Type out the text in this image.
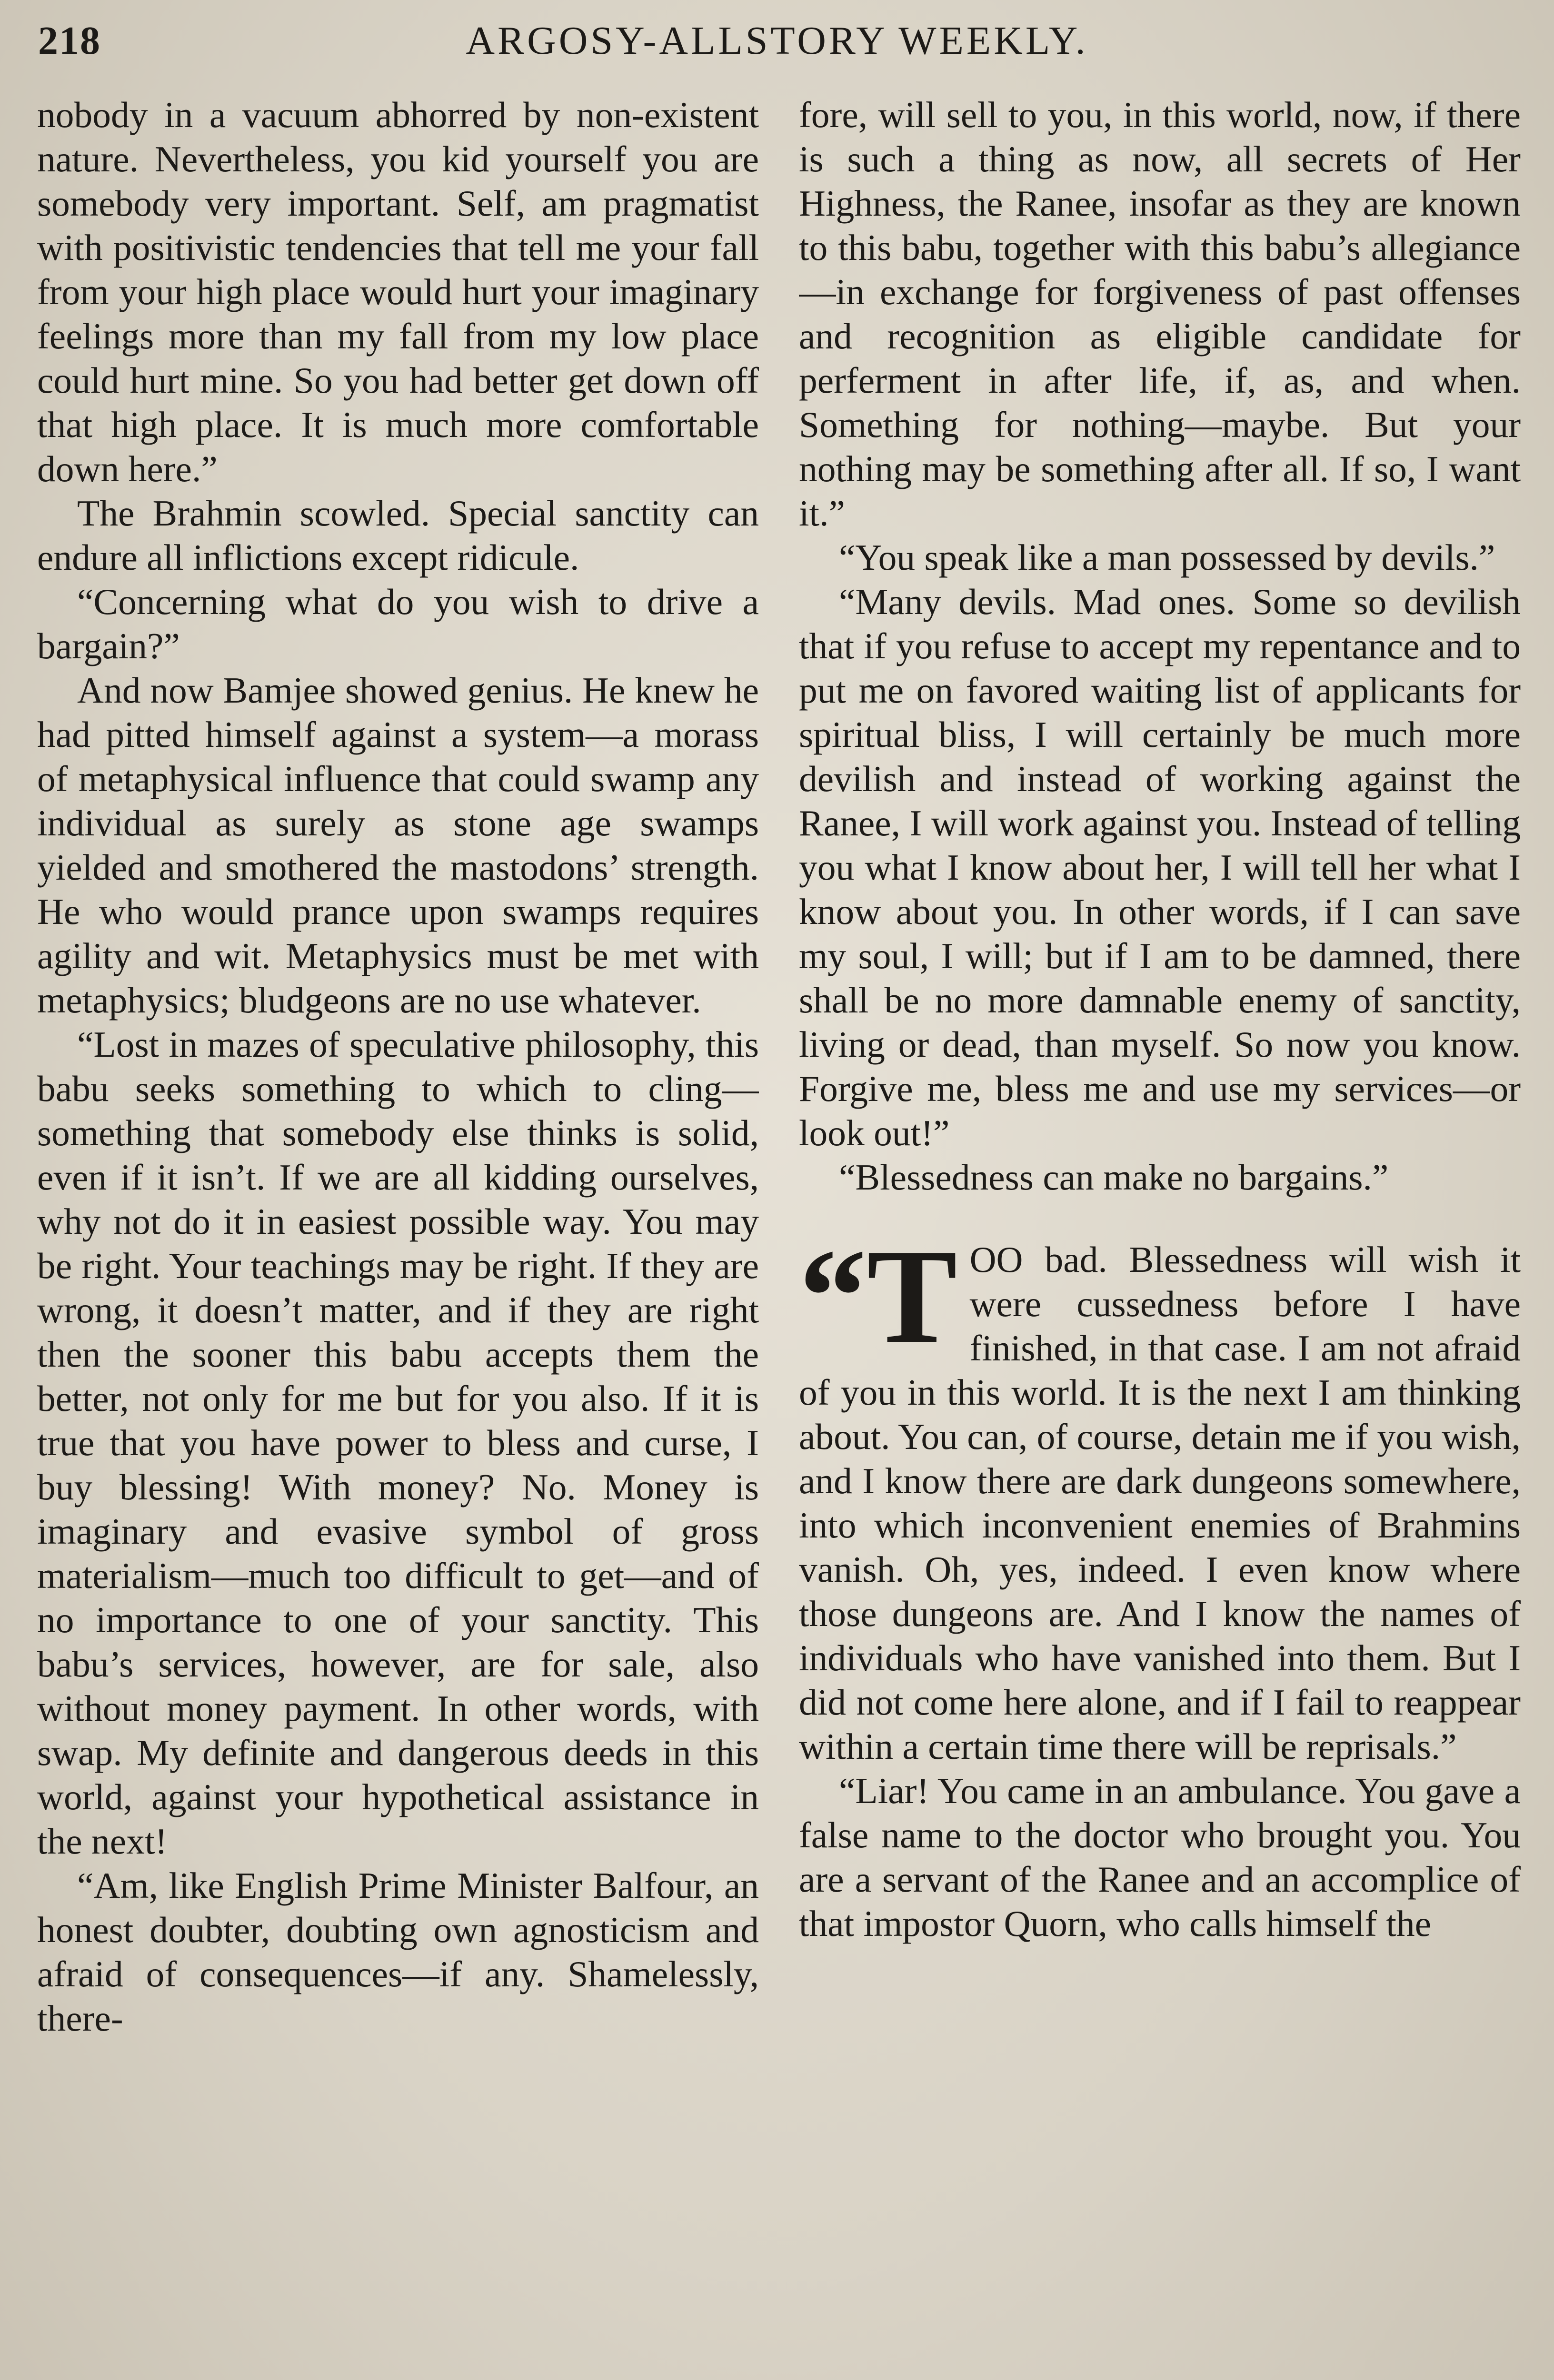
218	ARGOSY-ALLSTORY WEEKLY.

nobody in a vacuum abhorred by non-existent nature. Nevertheless, you kid yourself you are somebody very important. Self, am pragmatist with positivistic tendencies that tell me your fall from your high place would hurt your imaginary feelings more than my fall from my low place could hurt mine. So you had better get down off that high place. It is much more comfortable down here.”

The Brahmin scowled. Special sanctity can endure all inflictions except ridicule.

“Concerning what do you wish to drive a bargain?”

And now Bamjee showed genius. He knew he had pitted himself against a system—a morass of metaphysical influence that could swamp any individual as surely as stone age swamps yielded and smothered the mastodons’ strength. He who would prance upon swamps requires agility and wit. Metaphysics must be met with metaphysics; bludgeons are no use whatever.

“Lost in mazes of speculative philosophy, this babu seeks something to which to cling—something that somebody else thinks is solid, even if it isn’t. If we are all kidding ourselves, why not do it in easiest possible way. You may be right. Your teachings may be right. If they are wrong, it doesn’t matter, and if they are right then the sooner this babu accepts them the better, not only for me but for you also. If it is true that you have power to bless and curse, I buy blessing! With money? No. Money is imaginary and evasive symbol of gross materialism—much too difficult to get—and of no importance to one of your sanctity. This babu’s services, however, are for sale, also without money payment. In other words, with swap. My definite and dangerous deeds in this world, against your hypothetical assistance in the next!

“Am, like English Prime Minister Balfour, an honest doubter, doubting own agnosticism and afraid of consequences—if any. Shamelessly, there-

fore, will sell to you, in this world, now, if there is such a thing as now, all secrets of Her Highness, the Ranee, insofar as they are known to this babu, together with this babu’s allegiance—in exchange for forgiveness of past offenses and recognition as eligible candidate for perferment in after life, if, as, and when. Something for nothing—maybe. But your nothing may be something after all. If so, I want it.”

“You speak like a man possessed by devils.”

“Many devils. Mad ones. Some so devilish that if you refuse to accept my repentance and to put me on favored waiting list of applicants for spiritual bliss, I will certainly be much more devilish and instead of working against the Ranee, I will work against you. Instead of telling you what I know about her, I will tell her what I know about you. In other words, if I can save my soul, I will; but if I am to be damned, there shall be no more damnable enemy of sanctity, living or dead, than myself. So now you know. Forgive me, bless me and use my services—or look out!”

“Blessedness can make no bargains.”

“TOO bad. Blessedness will wish it were cussedness before I have finished, in that case. I am not afraid of you in this world. It is the next I am thinking about. You can, of course, detain me if you wish, and I know there are dark dungeons somewhere, into which inconvenient enemies of Brahmins vanish. Oh, yes, indeed. I even know where those dungeons are. And I know the names of individuals who have vanished into them. But I did not come here alone, and if I fail to reappear within a certain time there will be reprisals.”

“Liar! You came in an ambulance. You gave a false name to the doctor who brought you. You are a servant of the Ranee and an accomplice of that impostor Quorn, who calls himself the
